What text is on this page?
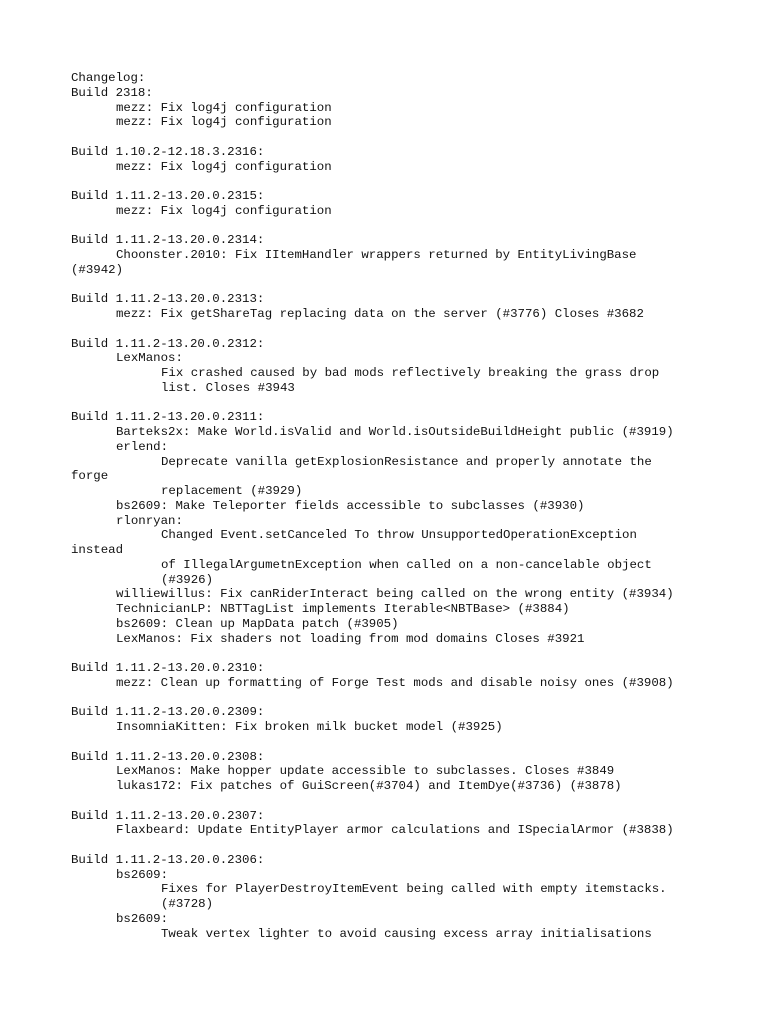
Changelog:
Build 2318:
mezz: Fix log4j configuration
mezz: Fix log4j configuration
Build 1.10.2-12.18.3.2316:
mezz: Fix log4j configuration
Build 1.11.2-13.20.0.2315:
mezz: Fix log4j configuration
Build 1.11.2-13.20.0.2314:
Choonster.2010: Fix IItemHandler wrappers returned by EntityLivingBase
(#3942)
Build 1.11.2-13.20.0.2313:
mezz: Fix getShareTag replacing data on the server (#3776) Closes #3682
Build 1.11.2-13.20.0.2312:
LexManos:
Fix crashed caused by bad mods reflectively breaking the grass drop
list. Closes #3943
Build 1.11.2-13.20.0.2311:
Barteks2x: Make World.isValid and World.isOutsideBuildHeight public (#3919)
erlend:
Deprecate vanilla getExplosionResistance and properly annotate the
forge
replacement (#3929)
bs2609: Make Teleporter fields accessible to subclasses (#3930)
rlonryan:
Changed Event.setCanceled To throw UnsupportedOperationException
instead
of IllegalArgumetnException when called on a non-cancelable object
(#3926)
williewillus: Fix canRiderInteract being called on the wrong entity (#3934)
TechnicianLP: NBTTagList implements Iterable<NBTBase> (#3884)
bs2609: Clean up MapData patch (#3905)
LexManos: Fix shaders not loading from mod domains Closes #3921
Build 1.11.2-13.20.0.2310:
mezz: Clean up formatting of Forge Test mods and disable noisy ones (#3908)
Build 1.11.2-13.20.0.2309:
InsomniaKitten: Fix broken milk bucket model (#3925)
Build 1.11.2-13.20.0.2308:
LexManos: Make hopper update accessible to subclasses. Closes #3849
lukas172: Fix patches of GuiScreen(#3704) and ItemDye(#3736) (#3878)
Build 1.11.2-13.20.0.2307:
Flaxbeard: Update EntityPlayer armor calculations and ISpecialArmor (#3838)
Build 1.11.2-13.20.0.2306:
bs2609:
Fixes for PlayerDestroyItemEvent being called with empty itemstacks.
(#3728)
bs2609:
Tweak vertex lighter to avoid causing excess array initialisations
